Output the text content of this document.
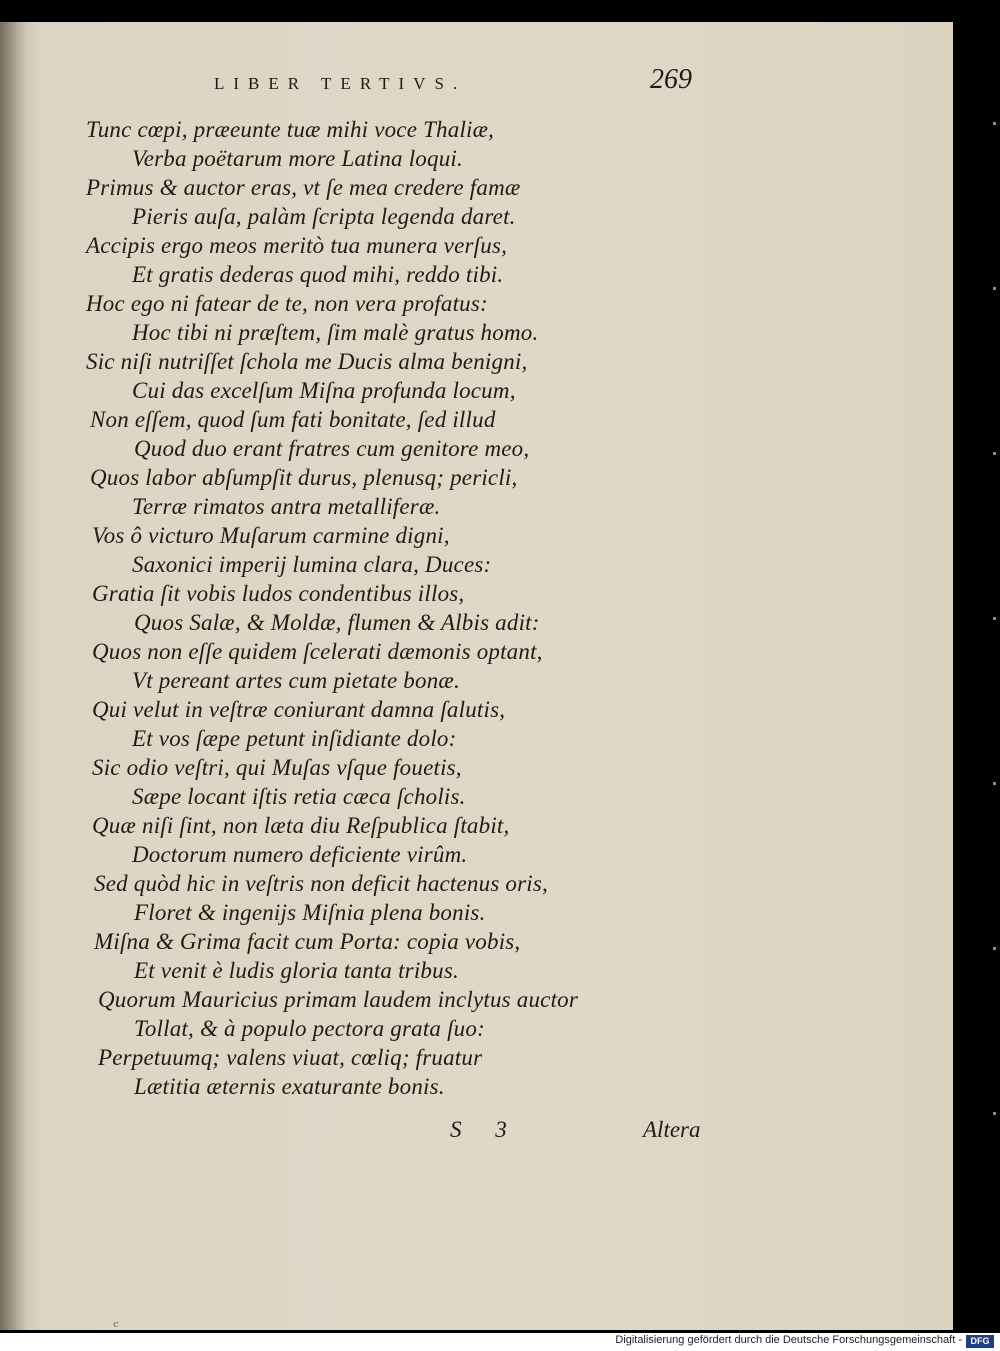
LIBER TERTIVS.	269
Tunc cœpi, præeunte tuæ mihi voce Thaliæ,
Verba poëtarum more Latina loqui.
Primus & auctor eras, vt ſe mea credere famæ
Pieris auſa, palàm ſcripta legenda daret.
Accipis ergo meos meritò tua munera verſus,
Et gratis dederas quod mihi, reddo tibi.
Hoc ego ni fatear de te, non vera profatus:
Hoc tibi ni præſtem, ſim malè gratus homo.
Sic niſi nutriſſet ſchola me Ducis alma benigni,
Cui das excelſum Miſna profunda locum,
Non eſſem, quod ſum fati bonitate, ſed illud
Quod duo erant fratres cum genitore meo,
Quos labor abſumpſit durus, plenusq; pericli,
Terræ rimatos antra metalliferæ.
Vos ô victuro Muſarum carmine digni,
Saxonici imperij lumina clara, Duces:
Gratia ſit vobis ludos condentibus illos,
Quos Salæ, & Moldæ, flumen & Albis adit:
Quos non eſſe quidem ſcelerati dæmonis optant,
Vt pereant artes cum pietate bonæ.
Qui velut in veſtræ coniurant damna ſalutis,
Et vos ſæpe petunt inſidiante dolo:
Sic odio veſtri, qui Muſas vſque fouetis,
Sæpe locant iſtis retia cæca ſcholis.
Quæ niſi ſint, non læta diu Reſpublica ſtabit,
Doctorum numero deficiente virûm.
Sed quòd hic in veſtris non deficit hactenus oris,
Floret & ingenijs Miſnia plena bonis.
Miſna & Grima facit cum Porta: copia vobis,
Et venit è ludis gloria tanta tribus.
Quorum Mauricius primam laudem inclytus auctor
Tollat, & à populo pectora grata ſuo:
Perpetuumq; valens viuat, cœliq; fruatur
Lætitia æternis exaturante bonis.
S 3	Altera
ᶜ
Digitalisierung gefördert durch die Deutsche Forschungsgemeinschaft - DFG
